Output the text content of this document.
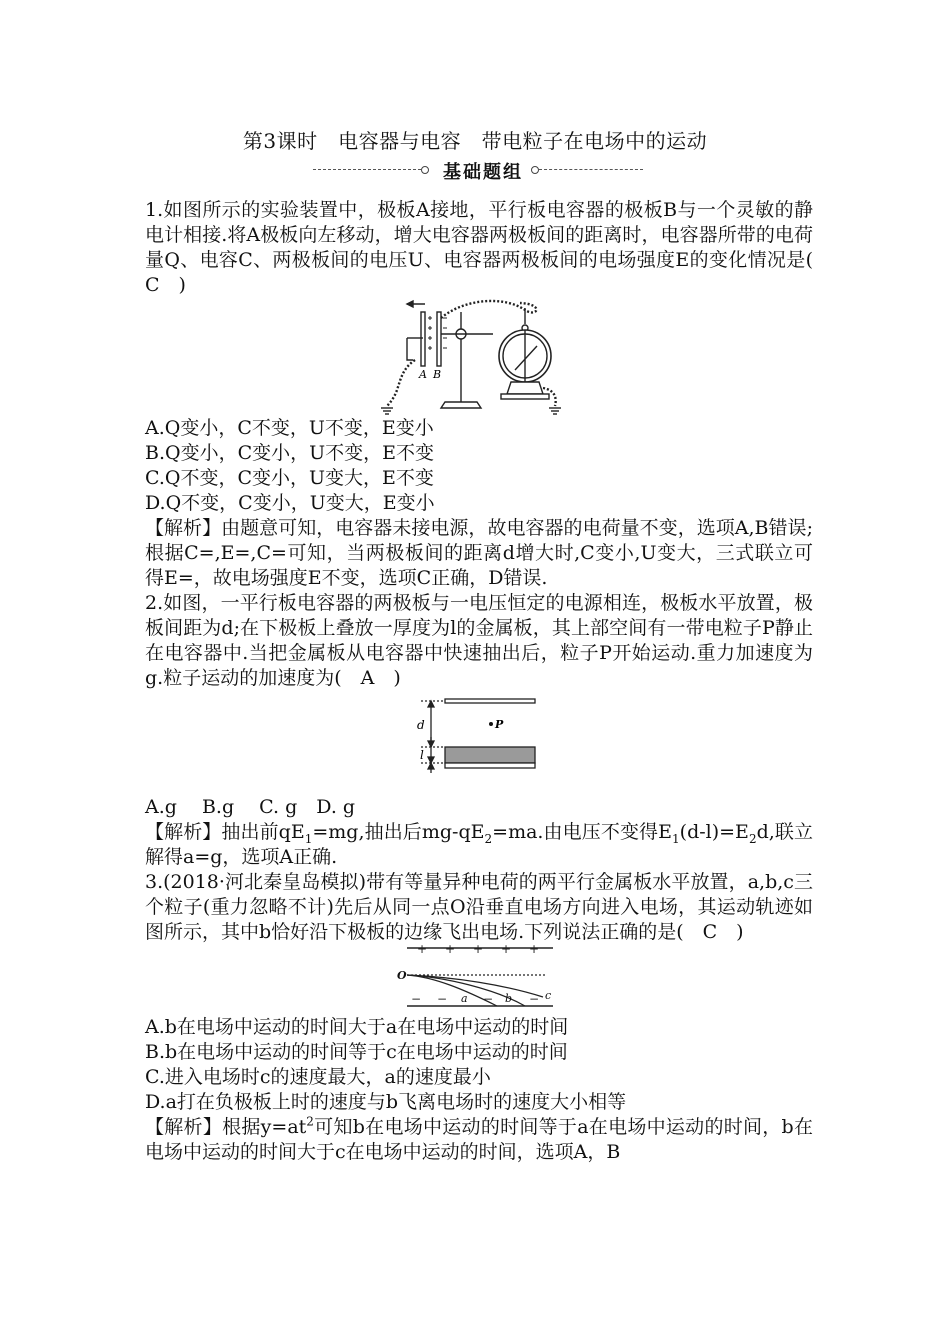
第3课时　电容器与电容　带电粒子在电场中的运动
基础题组
1.如图所示的实验装置中，极板A接地，平行板电容器的极板B与一个灵敏的静电计相接.将A极板向左移动，增大电容器两极板间的距离时，电容器所带的电荷量Q、电容C、两极板间的电压U、电容器两极板间的电场强度E的变化情况是(　C　)
A B
A.Q变小，C不变，U不变，E变小
B.Q变小，C变小，U不变，E不变
C.Q不变，C变小，U变大，E不变
D.Q不变，C变小，U变大，E变小
【解析】由题意可知，电容器未接电源，故电容器的电荷量不变，选项A,B错误;根据C=,E=,C=可知，当两极板间的距离d增大时,C变小,U变大，三式联立可得E=，故电场强度E不变，选项C正确，D错误.
2.如图，一平行板电容器的两极板与一电压恒定的电源相连，极板水平放置，极板间距为d;在下极板上叠放一厚度为l的金属板，其上部空间有一带电粒子P静止在电容器中.当把金属板从电容器中快速抽出后，粒子P开始运动.重力加速度为g.粒子运动的加速度为(　A　)
d	P
l
A.g　 B.g　 C. g　D. g
【解析】抽出前$qE_1=mg$,抽出后$mg-qE_2=ma$.由电压不变得$E_1(d-l)=E_2d$,联立解得a=g，选项A正确.
3.(2018·河北秦皇岛模拟)带有等量异种电荷的两平行金属板水平放置，a,b,c三个粒子(重力忽略不计)先后从同一点O沿垂直电场方向进入电场，其运动轨迹如图所示，其中b恰好沿下极板的边缘飞出电场.下列说法正确的是(　C　)
+ + + + +
− −	−	−
O
a	b	c
A.b在电场中运动的时间大于a在电场中运动的时间
B.b在电场中运动的时间等于c在电场中运动的时间
C.进入电场时c的速度最大，a的速度最小
D.a打在负极板上时的速度与b飞离电场时的速度大小相等
【解析】根据$y=at^2$可知b在电场中运动的时间等于a在电场中运动的时间，b在电场中运动的时间大于c在电场中运动的时间，选项A，B
